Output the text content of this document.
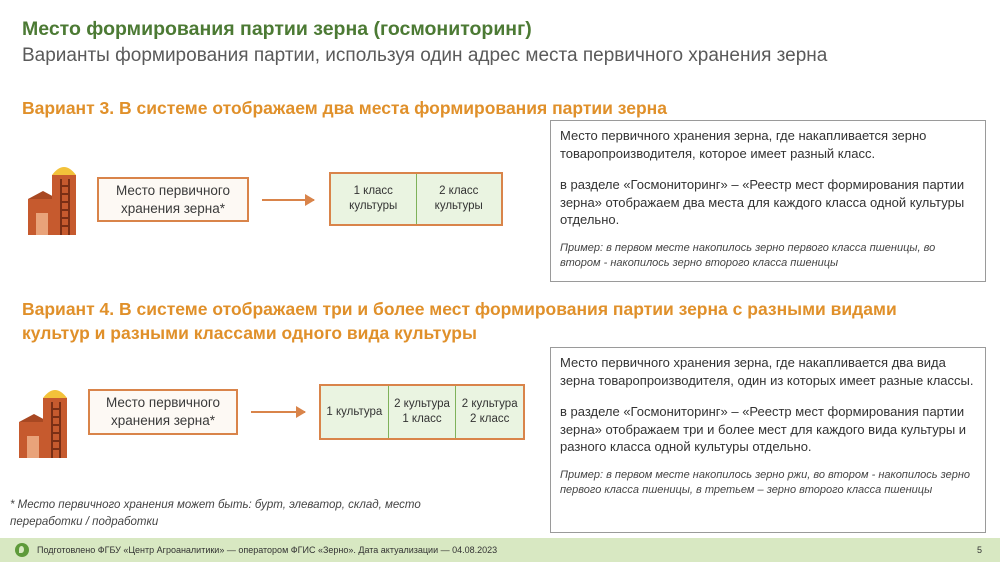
Место формирования партии зерна (госмониторинг)
Варианты формирования партии, используя один адрес места первичного хранения зерна
Вариант 3. В системе отображаем два места формирования партии зерна
Место первичного хранения зерна*
1 класс культуры
2 класс культуры

Место первичного хранения зерна, где накапливается зерно товаропроизводителя, которое имеет разный класс.

в разделе «Госмониторинг» – «Реестр мест формирования партии зерна» отображаем два места для каждого класса одной культуры отдельно.

Пример: в первом месте накопилось зерно первого класса пшеницы, во втором - накопилось зерно второго класса пшеницы

Вариант 4. В системе отображаем три и более мест формирования партии зерна с разными видами культур и разными классами одного вида культуры
Место первичного хранения зерна*
1 культура
2 культура 1 класс
2 культура 2 класс

Место первичного хранения зерна, где накапливается два вида зерна товаропроизводителя, один из которых имеет разные классы.

в разделе «Госмониторинг» – «Реестр мест формирования партии зерна» отображаем три и более мест для каждого вида культуры и разного класса одной культуры отдельно.

Пример: в первом месте накопилось зерно ржи, во втором - накопилось зерно первого класса пшеницы, в третьем – зерно второго класса пшеницы

* Место первичного хранения может быть: бурт, элеватор, склад, место переработки / подработки
Подготовлено ФГБУ «Центр Агроаналитики» — оператором ФГИС «Зерно». Дата актуализации — 04.08.2023	5
